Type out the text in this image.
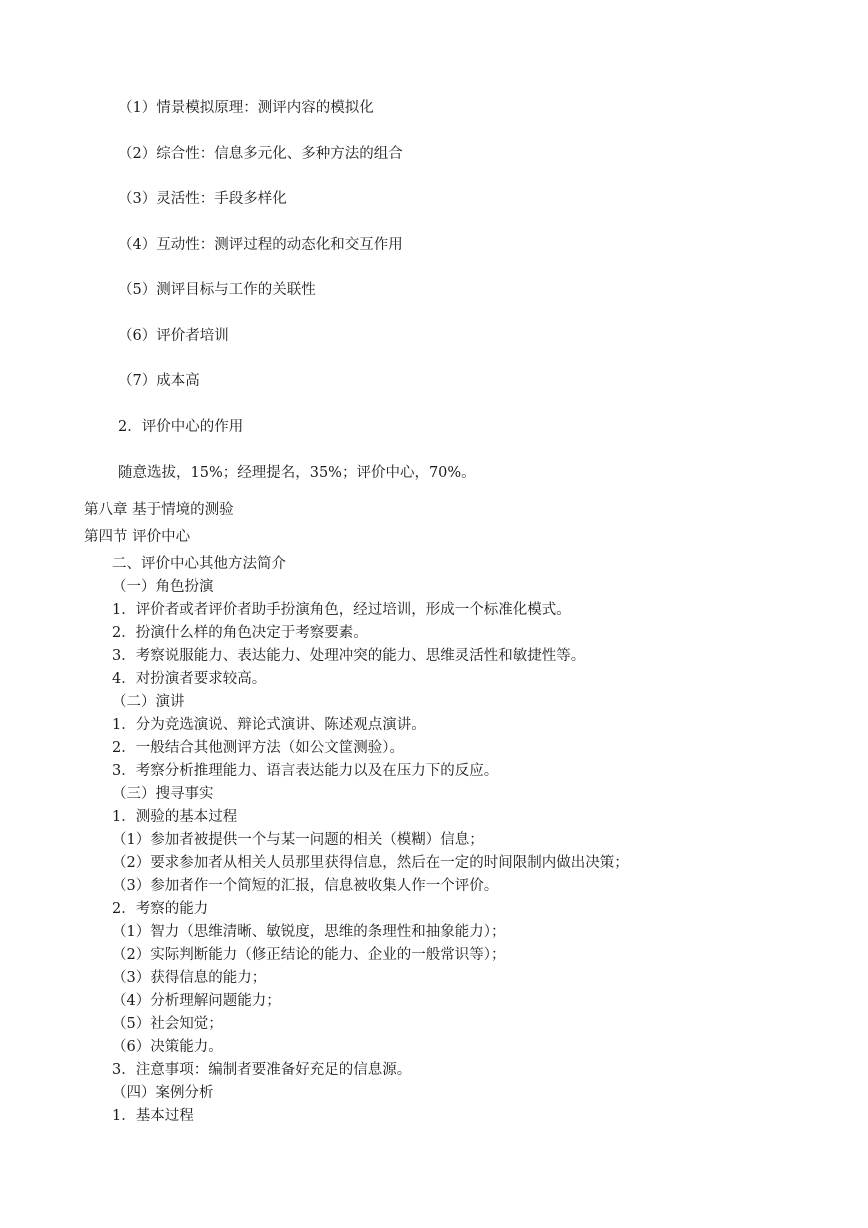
（1）情景模拟原理：测评内容的模拟化
（2）综合性：信息多元化、多种方法的组合
（3）灵活性：手段多样化
（4）互动性：测评过程的动态化和交互作用
（5）测评目标与工作的关联性
（6）评价者培训
（7）成本高
2．评价中心的作用
随意选拔，15%；经理提名，35%；评价中心，70%。
第八章 基于情境的测验
第四节 评价中心
二、评价中心其他方法简介
（一）角色扮演
1．评价者或者评价者助手扮演角色，经过培训，形成一个标准化模式。
2．扮演什么样的角色决定于考察要素。
3．考察说服能力、表达能力、处理冲突的能力、思维灵活性和敏捷性等。
4．对扮演者要求较高。
（二）演讲
1．分为竞选演说、辩论式演讲、陈述观点演讲。
2．一般结合其他测评方法（如公文筐测验）。
3．考察分析推理能力、语言表达能力以及在压力下的反应。
（三）搜寻事实
1．测验的基本过程
（1）参加者被提供一个与某一问题的相关（模糊）信息；
（2）要求参加者从相关人员那里获得信息，然后在一定的时间限制内做出决策；
（3）参加者作一个简短的汇报，信息被收集人作一个评价。
2．考察的能力
（1）智力（思维清晰、敏锐度，思维的条理性和抽象能力）；
（2）实际判断能力（修正结论的能力、企业的一般常识等）；
（3）获得信息的能力；
（4）分析理解问题能力；
（5）社会知觉；
（6）决策能力。
3．注意事项：编制者要准备好充足的信息源。
（四）案例分析
1．基本过程
